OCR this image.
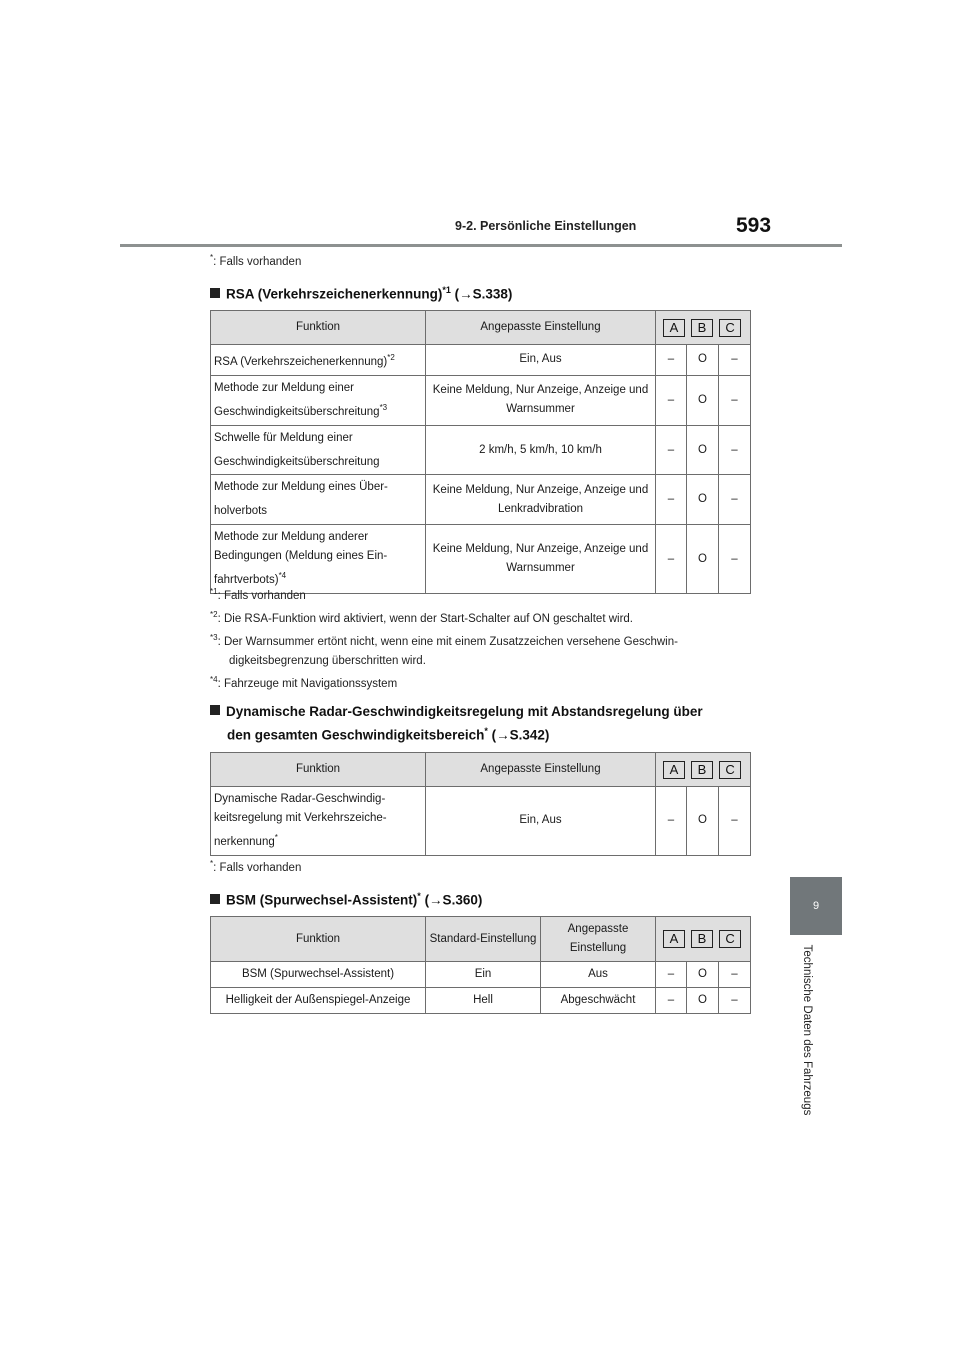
9-2. Persönliche Einstellungen	593
9
Technische Daten des Fahrzeugs
*: Falls vorhanden
RSA (Verkehrszeichenerkennung)$^{*1}$ (→S.338)
Funktion	Angepasste Einstellung	A B C		

RSA (Verkehrszeichenerkennung)$^{*2}$	Ein, Aus	–	O	–
Methode zur Meldung einer Geschwindigkeitsüberschreitung$^{*3}$	Keine Meldung, Nur Anzeige, Anzeige und Warnsummer	–	O	–
Schwelle für Meldung einer Geschwindigkeitsüberschreitung	2 km/h, 5 km/h, 10 km/h	–	O	–
Methode zur Meldung eines Über-holverbots	Keine Meldung, Nur Anzeige, Anzeige und Lenkradvibration	–	O	–
Methode zur Meldung anderer Bedingungen (Meldung eines Ein-fahrtverbots)$^{*4}$	Keine Meldung, Nur Anzeige, Anzeige und Warnsummer	–	O	–
$^{*1}$: Falls vorhanden
$^{*2}$: Die RSA-Funktion wird aktiviert, wenn der Start-Schalter auf ON geschaltet wird.
$^{*3}$: Der Warnsummer ertönt nicht, wenn eine mit einem Zusatzzeichen versehene Geschwin-
digkeitsbegrenzung überschritten wird.
$^{*4}$: Fahrzeuge mit Navigationssystem
Dynamische Radar-Geschwindigkeitsregelung mit Abstandsregelung über
den gesamten Geschwindigkeitsbereich* (→S.342)
Funktion	Angepasste Einstellung	A B C		

Dynamische Radar-Geschwindig-keitsregelung mit Verkehrszeiche-nerkennung*	Ein, Aus	–	O	–
*: Falls vorhanden
BSM (Spurwechsel-Assistent)* (→S.360)
Funktion	Standard-Einstellung	Angepasste Einstellung	A B C		

BSM (Spurwechsel-Assistent)	Ein	Aus	–	O	–
Helligkeit der Außenspiegel-Anzeige	Hell	Abgeschwächt	–	O	–
